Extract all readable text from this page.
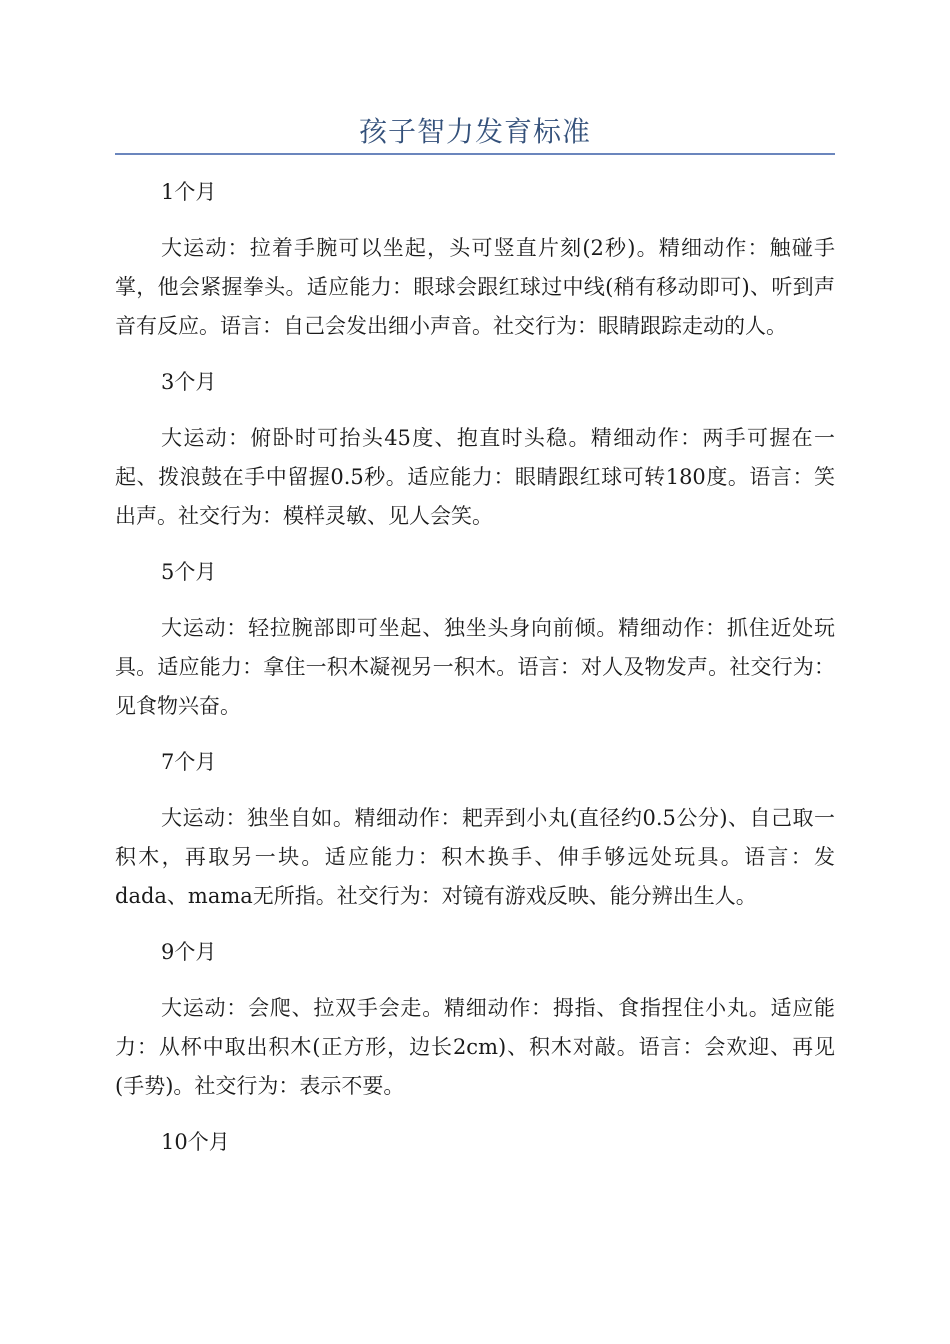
孩子智力发育标准

1个月

大运动：拉着手腕可以坐起，头可竖直片刻(2秒)。精细动作：触碰手掌，他会紧握拳头。适应能力：眼球会跟红球过中线(稍有移动即可)、听到声音有反应。语言：自己会发出细小声音。社交行为：眼睛跟踪走动的人。

3个月

大运动：俯卧时可抬头45度、抱直时头稳。精细动作：两手可握在一起、拨浪鼓在手中留握0.5秒。适应能力：眼睛跟红球可转180度。语言：笑出声。社交行为：模样灵敏、见人会笑。

5个月

大运动：轻拉腕部即可坐起、独坐头身向前倾。精细动作：抓住近处玩具。适应能力：拿住一积木凝视另一积木。语言：对人及物发声。社交行为：见食物兴奋。

7个月

大运动：独坐自如。精细动作：耙弄到小丸(直径约0.5公分)、自己取一积木，再取另一块。适应能力：积木换手、伸手够远处玩具。语言：发dada、mama无所指。社交行为：对镜有游戏反映、能分辨出生人。

9个月

大运动：会爬、拉双手会走。精细动作：拇指、食指捏住小丸。适应能力：从杯中取出积木(正方形，边长2cm)、积木对敲。语言：会欢迎、再见(手势)。社交行为：表示不要。

10个月
